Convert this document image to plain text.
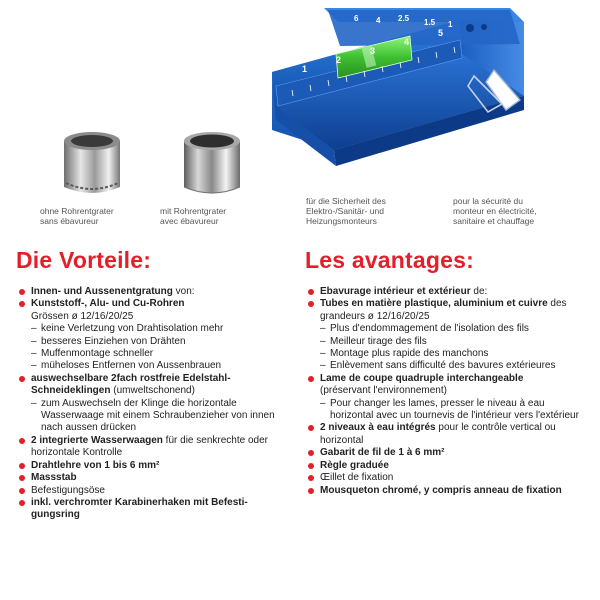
6 4 2.5 1.5 1
1
2
3
4
5
ohne Rohrentgrater
sans ébavureur
mit Rohrentgrater
avec ébavureur
für die Sicherheit des
Elektro-/Sanitär- und
Heizungsmonteurs
pour la sécurité du
monteur en électricité,
sanitaire et chauffage
Die Vorteile:	Les avantages:
Innen- und Aussenentgratung von:
Kunststoff-, Alu- und Cu-Rohren
Grössen ø 12/16/20/25
– keine Verletzung von Drahtisolation mehr
– besseres Einziehen von Drähten
– Muffenmontage schneller
– müheloses Entfernen von Aussenbrauen
auswechselbare 2fach rostfreie Edelstahl-Schneideklingen (umweltschonend)
– zum Auswechseln der Klinge die horizontale Wasserwaage mit einem Schraubenzieher von innen nach aussen drücken
2 integrierte Wasserwaagen für die senkrechte oder horizontale Kontrolle
Drahtlehre von 1 bis 6 mm²
Massstab
Befestigungsöse
inkl. verchromter Karabinerhaken mit Befesti-gungsring
Ebavurage intérieur et extérieur de:
Tubes en matière plastique, aluminium et cuivre des grandeurs ø 12/16/20/25
– Plus d'endommagement de l'isolation des fils
– Meilleur tirage des fils
– Montage plus rapide des manchons
– Enlèvement sans difficulté des bavures extérieures
Lame de coupe quadruple interchangeable
(préservant l'environnement)
– Pour changer les lames, presser le niveau à eau horizontal avec un tournevis de l'intérieur vers l'extérieur
2 niveaux à eau intégrés pour le contrôle vertical ou horizontal
Gabarit de fil de 1 à 6 mm²
Règle graduée
Œillet de fixation
Mousqueton chromé, y compris anneau de fixation
